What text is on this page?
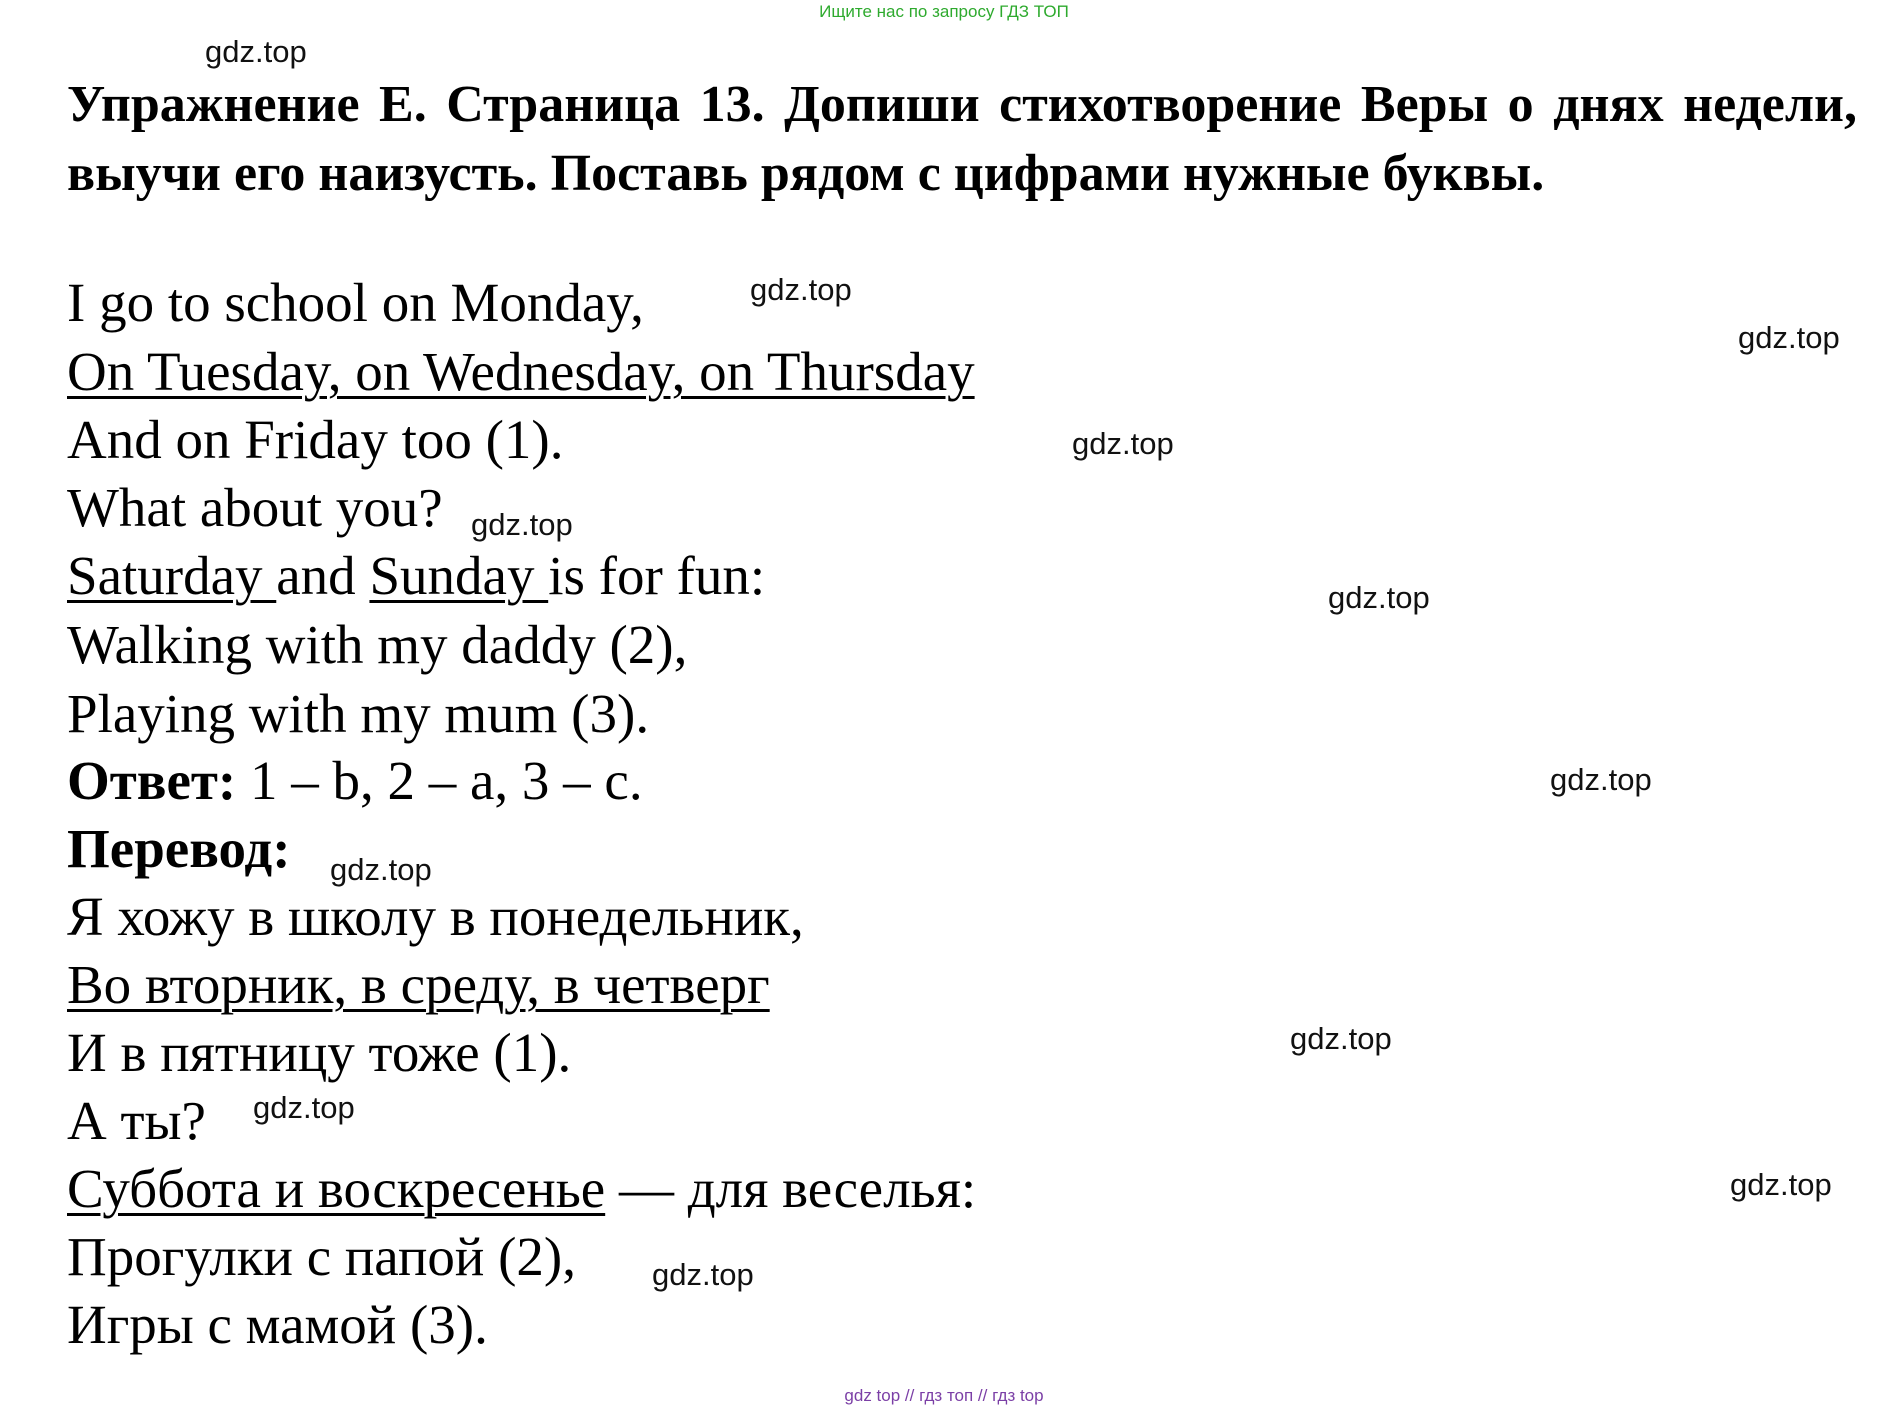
Ищите нас по запросу ГДЗ ТОП
gdz.top

Упражнение E. Страница 13. Допиши стихотворение Веры о днях недели, выучи его наизусть. Поставь рядом с цифрами нужные буквы.

I go to school on Monday,	gdz.top
gdz.top
On Tuesday, on Wednesday, on Thursday
And on Friday too (1).	gdz.top
What about you? gdz.top
Saturday and Sunday is for fun:	gdz.top
Walking with my daddy (2),
Playing with my mum (3).
Ответ: 1 – b, 2 – a, 3 – c.	gdz.top
Перевод: gdz.top
Я хожу в школу в понедельник,
Во вторник, в среду, в четверг
И в пятницу тоже (1).	gdz.top
А ты? gdz.top
Суббота и воскресенье — для веселья:	gdz.top
Прогулки с папой (2), gdz.top
Игры с мамой (3).
gdz top // гдз топ // гдз top
